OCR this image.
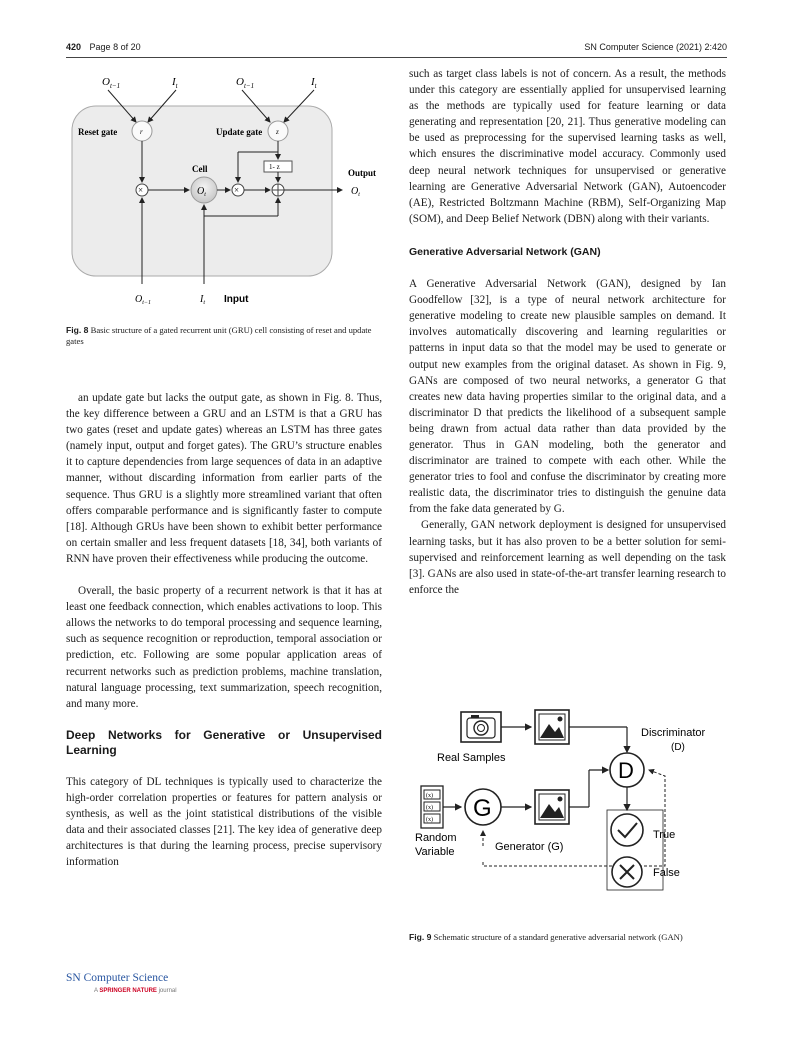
420 Page 8 of 20	SN Computer Science (2021) 2:420
$O_{t-1}$	$I_t$	$O_{t-1}$	$I_t$
r
Reset gate	z
Update gate
1- z
×
Cell
$O_t$	×
Output
$O_t$
$O_{t-1}$	$I_t$ Input
Fig. 8 Basic structure of a gated recurrent unit (GRU) cell consisting of reset and update gates

an update gate but lacks the output gate, as shown in Fig. 8. Thus, the key difference between a GRU and an LSTM is that a GRU has two gates (reset and update gates) whereas an LSTM has three gates (namely input, output and forget gates). The GRU’s structure enables it to capture dependencies from large sequences of data in an adaptive manner, without discarding information from earlier parts of the sequence. Thus GRU is a slightly more streamlined variant that often offers comparable performance and is significantly faster to compute [18]. Although GRUs have been shown to exhibit better performance on certain smaller and less frequent datasets [18, 34], both variants of RNN have proven their effectiveness while producing the outcome.

Overall, the basic property of a recurrent network is that it has at least one feedback connection, which enables activations to loop. This allows the networks to do temporal processing and sequence learning, such as sequence recognition or reproduction, temporal association or prediction, etc. Following are some popular application areas of recurrent networks such as prediction problems, machine translation, natural language processing, text summarization, speech recognition, and many more.

Deep Networks for Generative or Unsupervised Learning

This category of DL techniques is typically used to characterize the high-order correlation properties or features for pattern analysis or synthesis, as well as the joint statistical distributions of the visible data and their associated classes [21]. The key idea of generative deep architectures is that during the learning process, precise supervisory information

such as target class labels is not of concern. As a result, the methods under this category are essentially applied for unsupervised learning as the methods are typically used for feature learning or data generating and representation [20, 21]. Thus generative modeling can be used as preprocessing for the supervised learning tasks as well, which ensures the discriminative model accuracy. Commonly used deep neural network techniques for unsupervised or generative learning are Generative Adversarial Network (GAN), Autoencoder (AE), Restricted Boltzmann Machine (RBM), Self-Organizing Map (SOM), and Deep Belief Network (DBN) along with their variants.

Generative Adversarial Network (GAN)

A Generative Adversarial Network (GAN), designed by Ian Goodfellow [32], is a type of neural network architecture for generative modeling to create new plausible samples on demand. It involves automatically discovering and learning regularities or patterns in input data so that the model may be used to generate or output new examples from the original dataset. As shown in Fig. 9, GANs are composed of two neural networks, a generator G that creates new data having properties similar to the original data, and a discriminator D that predicts the likelihood of a subsequent sample being drawn from actual data rather than data provided by the generator. Thus in GAN modeling, both the generator and discriminator are trained to compete with each other. While the generator tries to fool and confuse the discriminator by creating more realistic data, the discriminator tries to distinguish the genuine data from the fake data generated by G.

Generally, GAN network deployment is designed for unsupervised learning tasks, but it has also proven to be a better solution for semi-supervised and reinforcement learning as well depending on the task [3]. GANs are also used in state-of-the-art transfer learning research to enforce the

Real Samples
Discriminator
(D)
D
(x)
(x)
(x)
Random
Variable
G
Generator (G)
True
False
Fig. 9 Schematic structure of a standard generative adversarial network (GAN)
SN Computer Science
A SPRINGER NATURE journal
